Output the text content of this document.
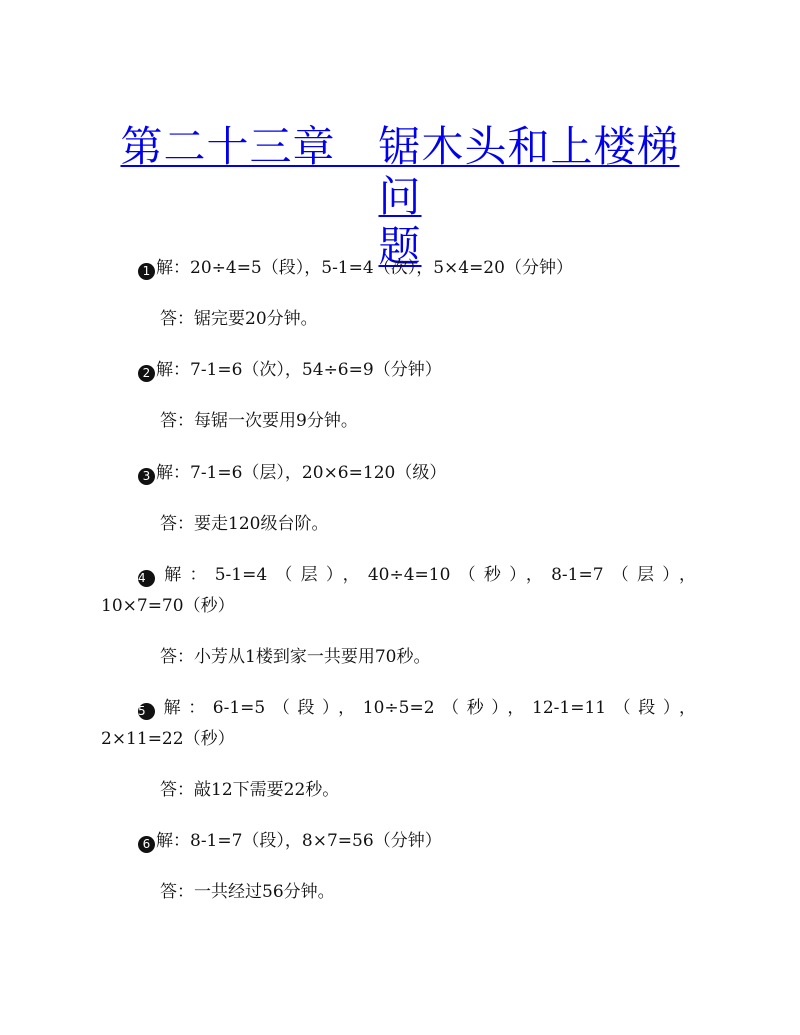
第二十三章　锯木头和上楼梯问
题
1 解：20÷4=5（段），5-1=4（次），5×4=20（分钟）
答：锯完要20分钟。
2 解：7-1=6（次），54÷6=9（分钟）
答：每锯一次要用9分钟。
3 解：7-1=6（层），20×6=120（级）
答：要走120级台阶。
4 解：5-1=4（层），40÷4=10（秒），8-1=7（层），
10×7=70（秒）
答：小芳从1楼到家一共要用70秒。
5 解：6-1=5（段），10÷5=2（秒），12-1=11（段），
2×11=22（秒）
答：敲12下需要22秒。
6 解：8-1=7（段），8×7=56（分钟）
答：一共经过56分钟。
